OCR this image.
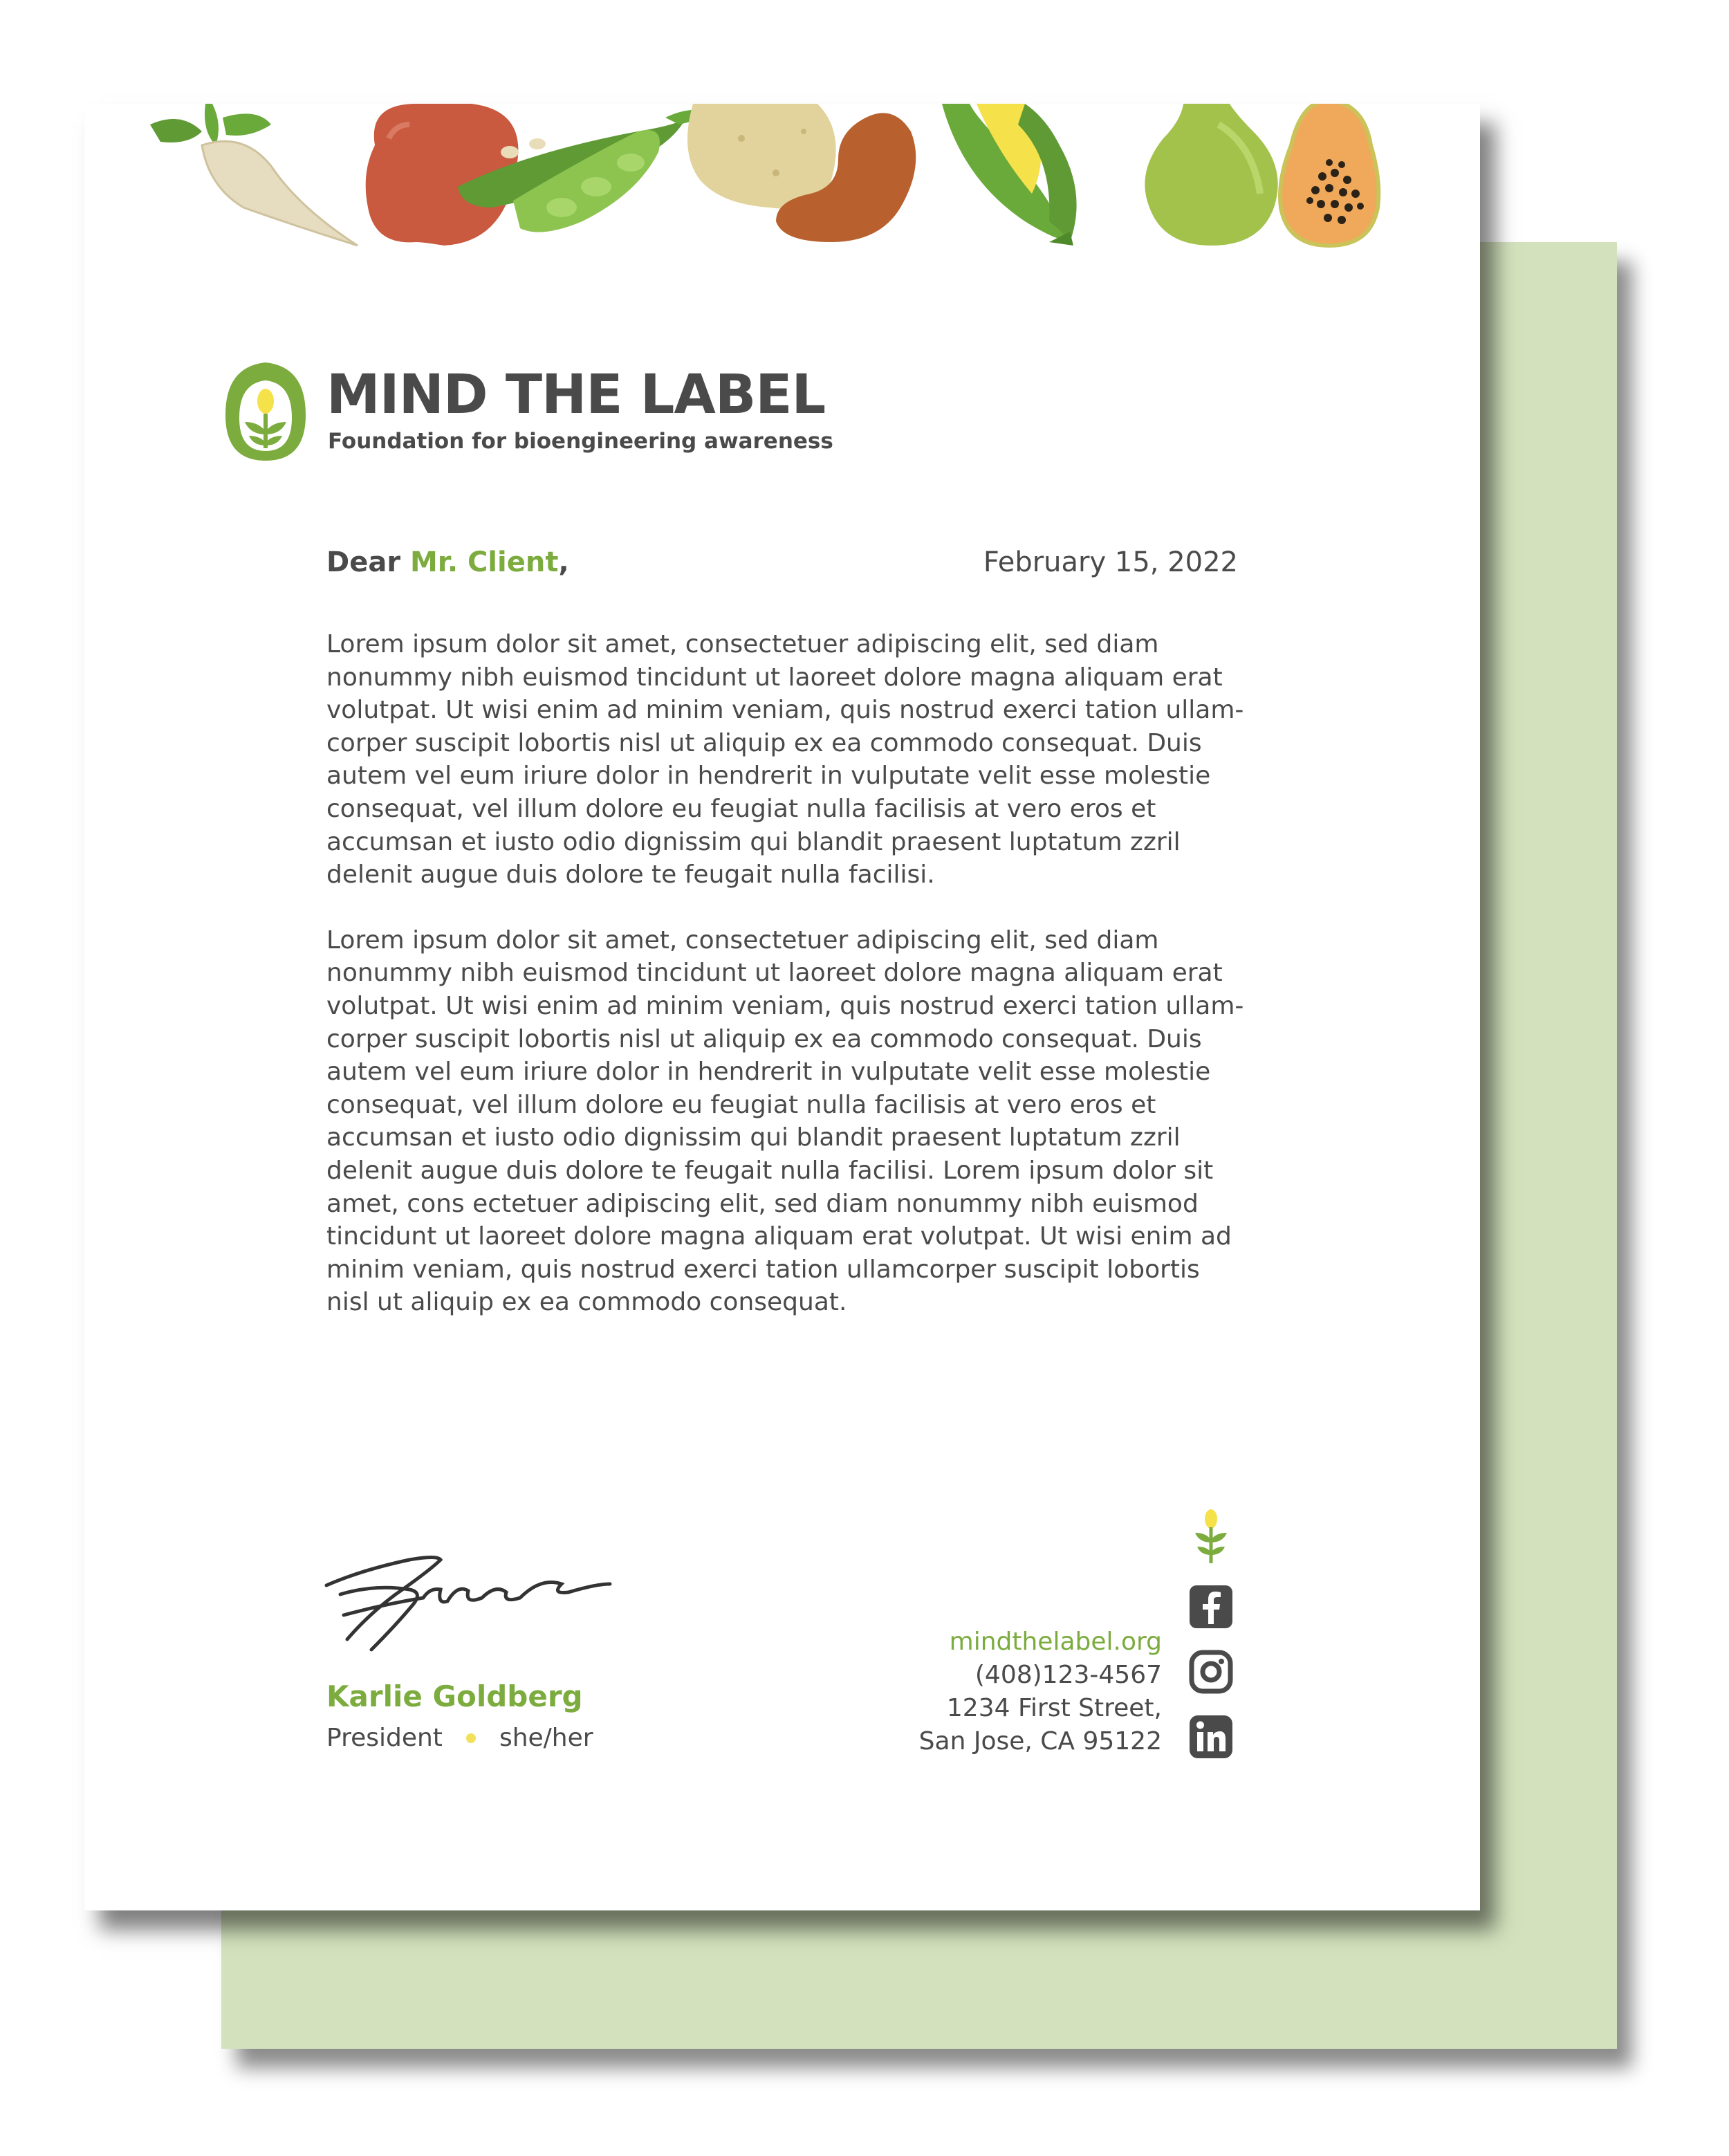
MIND THE LABEL
Foundation for bioengineering awareness
Dear Mr. Client,	February 15, 2022

Lorem ipsum dolor sit amet, consectetuer adipiscing elit, sed diam
nonummy nibh euismod tincidunt ut laoreet dolore magna aliquam erat
volutpat. Ut wisi enim ad minim veniam, quis nostrud exerci tation ullam-
corper suscipit lobortis nisl ut aliquip ex ea commodo consequat. Duis
autem vel eum iriure dolor in hendrerit in vulputate velit esse molestie
consequat, vel illum dolore eu feugiat nulla facilisis at vero eros et
accumsan et iusto odio dignissim qui blandit praesent luptatum zzril
delenit augue duis dolore te feugait nulla facilisi.

Lorem ipsum dolor sit amet, consectetuer adipiscing elit, sed diam
nonummy nibh euismod tincidunt ut laoreet dolore magna aliquam erat
volutpat. Ut wisi enim ad minim veniam, quis nostrud exerci tation ullam-
corper suscipit lobortis nisl ut aliquip ex ea commodo consequat. Duis
autem vel eum iriure dolor in hendrerit in vulputate velit esse molestie
consequat, vel illum dolore eu feugiat nulla facilisis at vero eros et
accumsan et iusto odio dignissim qui blandit praesent luptatum zzril
delenit augue duis dolore te feugait nulla facilisi. Lorem ipsum dolor sit
amet, cons ectetuer adipiscing elit, sed diam nonummy nibh euismod
tincidunt ut laoreet dolore magna aliquam erat volutpat. Ut wisi enim ad
minim veniam, quis nostrud exerci tation ullamcorper suscipit lobortis
nisl ut aliquip ex ea commodo consequat.

Karlie Goldberg
President she/her
mindthelabel.org
(408)123-4567
1234 First Street,
San Jose, CA 95122
